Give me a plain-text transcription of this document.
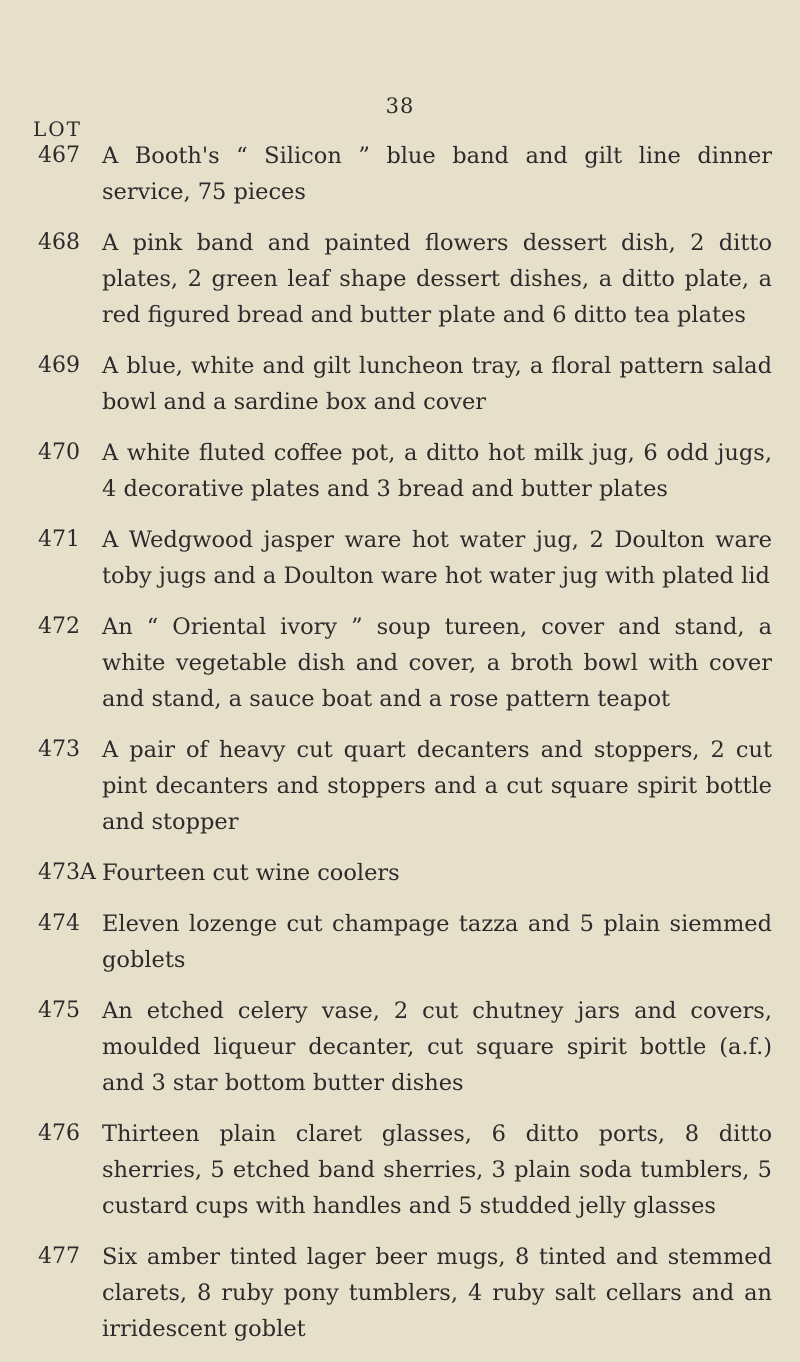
38
LOT
467 A Booth's “ Silicon ” blue band and gilt line dinner service, 75 pieces
468 A pink band and painted flowers dessert dish, 2 ditto plates, 2 green leaf shape dessert dishes, a ditto plate, a red figured bread and butter plate and 6 ditto tea plates
469 A blue, white and gilt luncheon tray, a floral pattern salad bowl and a sardine box and cover
470 A white fluted coffee pot, a ditto hot milk jug, 6 odd jugs, 4 decorative plates and 3 bread and butter plates
471 A Wedgwood jasper ware hot water jug, 2 Doulton ware toby jugs and a Doulton ware hot water jug with plated lid
472 An “ Oriental ivory ” soup tureen, cover and stand, a white vegetable dish and cover, a broth bowl with cover and stand, a sauce boat and a rose pattern teapot
473 A pair of heavy cut quart decanters and stoppers, 2 cut pint decanters and stoppers and a cut square spirit bottle and stopper
473A Fourteen cut wine coolers
474 Eleven lozenge cut champage tazza and 5 plain siemmed goblets
475 An etched celery vase, 2 cut chutney jars and covers, moulded liqueur decanter, cut square spirit bottle (a.f.) and 3 star bottom butter dishes
476 Thirteen plain claret glasses, 6 ditto ports, 8 ditto sherries, 5 etched band sherries, 3 plain soda tumblers, 5 custard cups with handles and 5 studded jelly glasses
477 Six amber tinted lager beer mugs, 8 tinted and stemmed clarets, 8 ruby pony tumblers, 4 ruby salt cellars and an irridescent goblet
